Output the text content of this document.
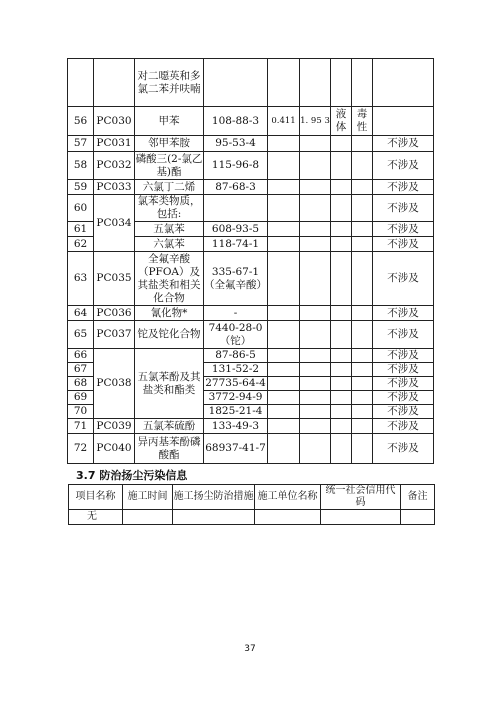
		对二噁英和多氯二苯并呋喃						
56	PC030	甲苯	108-88-3	0.411	1. 95 3	液体	毒性	
57	PC031	邻甲苯胺	95-53-4					不涉及
58	PC032	磷酸三(2-氯乙基)酯	115-96-8					不涉及
59	PC033	六氯丁二烯	87-68-3					不涉及
60	PC034	氯苯类物质，包括:						不涉及
61		五氯苯	608-93-5					不涉及
62		六氯苯	118-74-1					不涉及
63	PC035	全氟辛酸（PFOA）及其盐类和相关化合物	335-67-1（全氟辛酸）					不涉及
64	PC036	氰化物*	-					不涉及
65	PC037	铊及铊化合物	7440-28-0（铊）					不涉及
66	PC038	五氯苯酚及其盐类和酯类	87-86-5					不涉及
67			131-52-2					不涉及
68			27735-64-4					不涉及
69			3772-94-9					不涉及
70			1825-21-4					不涉及
71	PC039	五氯苯硫酚	133-49-3					不涉及
72	PC040	异丙基苯酚磷酸酯	68937-41-7					不涉及

3.7 防治扬尘污染信息

项目名称	施工时间	施工扬尘防治措施	施工单位名称	统一社会信用代码	备注
无					
37
